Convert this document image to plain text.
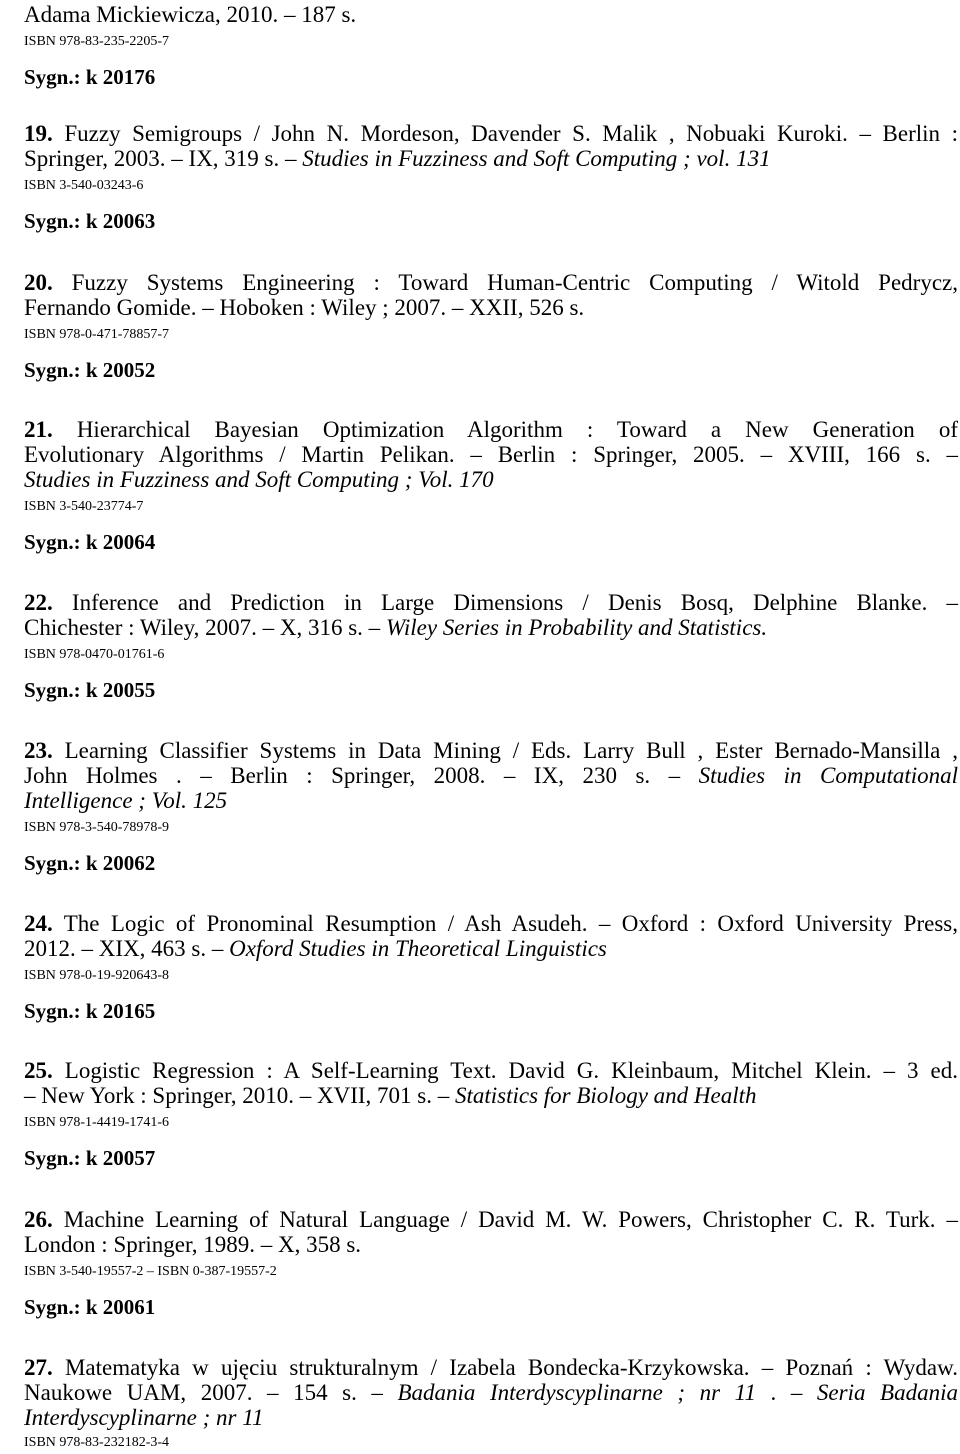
Adama Mickiewicza, 2010. – 187 s.
ISBN 978-83-235-2205-7
Sygn.: k 20176
19. Fuzzy Semigroups / John N. Mordeson, Davender S. Malik , Nobuaki Kuroki. – Berlin :
Springer, 2003. – IX, 319 s. – Studies in Fuzziness and Soft Computing ; vol. 131
ISBN 3-540-03243-6
Sygn.: k 20063
20. Fuzzy Systems Engineering : Toward Human-Centric Computing / Witold Pedrycz,
Fernando Gomide. – Hoboken : Wiley ; 2007. – XXII, 526 s.
ISBN 978-0-471-78857-7
Sygn.: k 20052
21. Hierarchical Bayesian Optimization Algorithm : Toward a New Generation of
Evolutionary Algorithms / Martin Pelikan. – Berlin : Springer, 2005. – XVIII, 166 s. –
Studies in Fuzziness and Soft Computing ; Vol. 170
ISBN 3-540-23774-7
Sygn.: k 20064
22. Inference and Prediction in Large Dimensions / Denis Bosq, Delphine Blanke. –
Chichester : Wiley, 2007. – X, 316 s. – Wiley Series in Probability and Statistics.
ISBN 978-0470-01761-6
Sygn.: k 20055
23. Learning Classifier Systems in Data Mining / Eds. Larry Bull , Ester Bernado-Mansilla ,
John Holmes . – Berlin : Springer, 2008. – IX, 230 s. – Studies in Computational
Intelligence ; Vol. 125
ISBN 978-3-540-78978-9
Sygn.: k 20062
24. The Logic of Pronominal Resumption / Ash Asudeh. – Oxford : Oxford University Press,
2012. – XIX, 463 s. – Oxford Studies in Theoretical Linguistics
ISBN 978-0-19-920643-8
Sygn.: k 20165
25. Logistic Regression : A Self-Learning Text. David G. Kleinbaum, Mitchel Klein. – 3 ed.
– New York : Springer, 2010. – XVII, 701 s. – Statistics for Biology and Health
ISBN 978-1-4419-1741-6
Sygn.: k 20057
26. Machine Learning of Natural Language / David M. W. Powers, Christopher C. R. Turk. –
London : Springer, 1989. – X, 358 s.
ISBN 3-540-19557-2 – ISBN 0-387-19557-2
Sygn.: k 20061
27. Matematyka w ujęciu strukturalnym / Izabela Bondecka-Krzykowska. – Poznań : Wydaw.
Naukowe UAM, 2007. – 154 s. – Badania Interdyscyplinarne ; nr 11 . – Seria Badania
Interdyscyplinarne ; nr 11
ISBN 978-83-232182-3-4
